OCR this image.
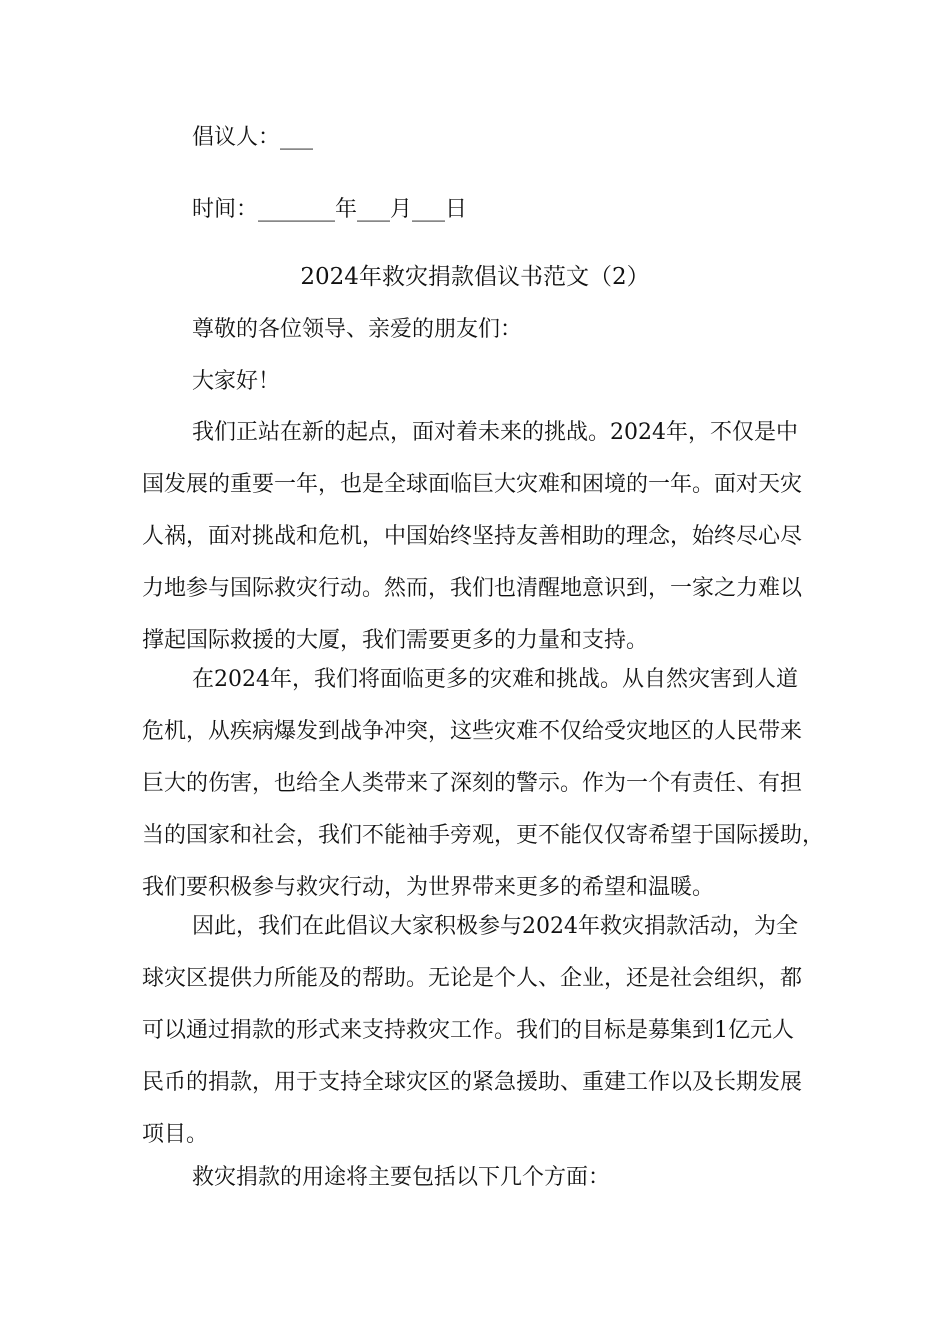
倡议人：___
时间：_______年___月___日
2024年救灾捐款倡议书范文（2）
尊敬的各位领导、亲爱的朋友们：
大家好！
我们正站在新的起点，面对着未来的挑战。2024年，不仅是中
国发展的重要一年，也是全球面临巨大灾难和困境的一年。面对天灾
人祸，面对挑战和危机，中国始终坚持友善相助的理念，始终尽心尽
力地参与国际救灾行动。然而，我们也清醒地意识到，一家之力难以
撑起国际救援的大厦，我们需要更多的力量和支持。
在2024年，我们将面临更多的灾难和挑战。从自然灾害到人道
危机，从疾病爆发到战争冲突，这些灾难不仅给受灾地区的人民带来
巨大的伤害，也给全人类带来了深刻的警示。作为一个有责任、有担
当的国家和社会，我们不能袖手旁观，更不能仅仅寄希望于国际援助，
我们要积极参与救灾行动，为世界带来更多的希望和温暖。
因此，我们在此倡议大家积极参与2024年救灾捐款活动，为全
球灾区提供力所能及的帮助。无论是个人、企业，还是社会组织，都
可以通过捐款的形式来支持救灾工作。我们的目标是募集到1亿元人
民币的捐款，用于支持全球灾区的紧急援助、重建工作以及长期发展
项目。
救灾捐款的用途将主要包括以下几个方面：
